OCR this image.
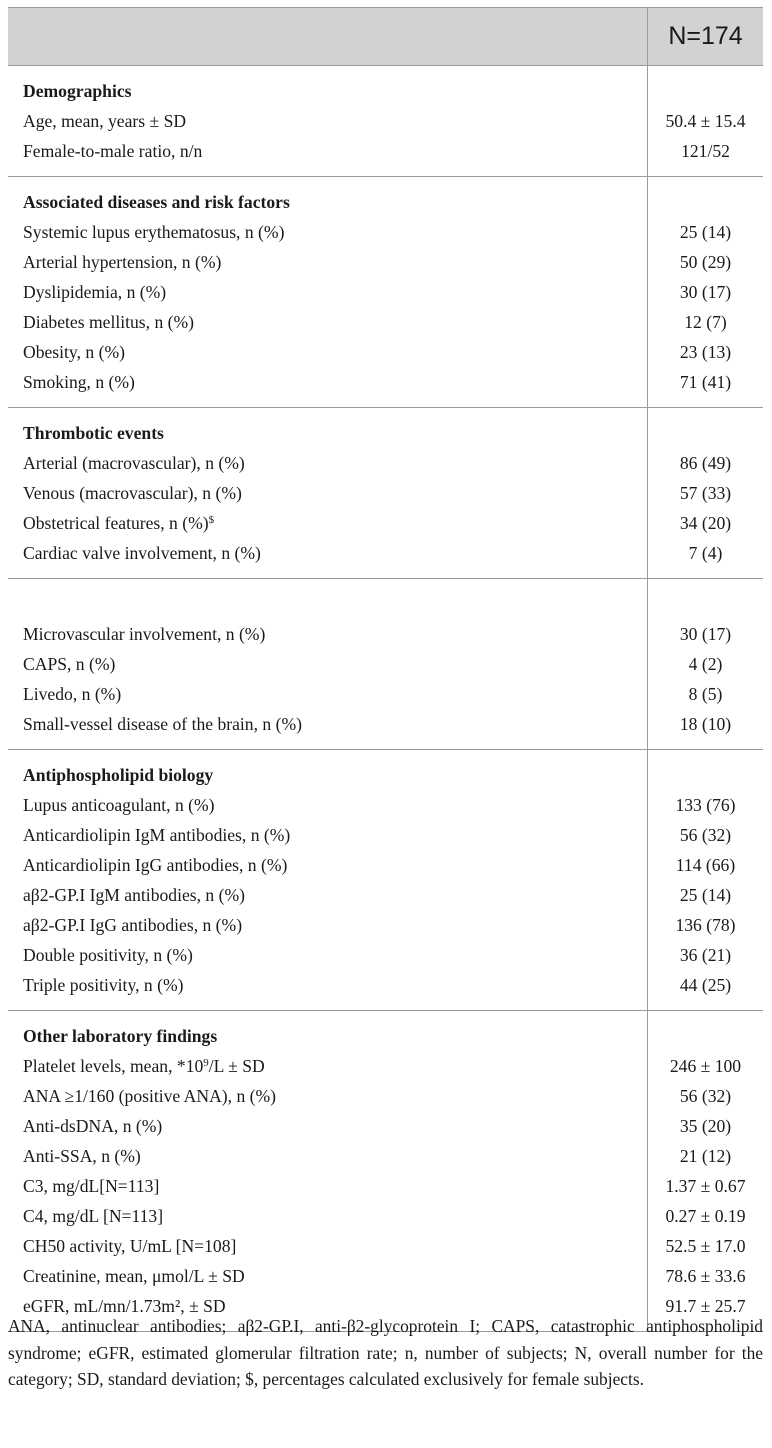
	N=174
Demographics	
Age, mean, years ± SD	50.4 ± 15.4
Female-to-male ratio, n/n	121/52
Associated diseases and risk factors	
Systemic lupus erythematosus, n (%)	25 (14)
Arterial hypertension, n (%)	50 (29)
Dyslipidemia, n (%)	30 (17)
Diabetes mellitus, n (%)	12 (7)
Obesity, n (%)	23 (13)
Smoking, n (%)	71 (41)
Thrombotic events	
Arterial (macrovascular), n (%)	86 (49)
Venous (macrovascular), n (%)	57 (33)
Obstetrical features, n (%)$	34 (20)
Cardiac valve involvement, n (%)	7 (4)

Microvascular involvement, n (%)	30 (17)
CAPS, n (%)	4 (2)
Livedo, n (%)	8 (5)
Small-vessel disease of the brain, n (%)	18 (10)
Antiphospholipid biology	
Lupus anticoagulant, n (%)	133 (76)
Anticardiolipin IgM antibodies, n (%)	56 (32)
Anticardiolipin IgG antibodies, n (%)	114 (66)
aβ2-GP.I IgM antibodies, n (%)	25 (14)
aβ2-GP.I IgG antibodies, n (%)	136 (78)
Double positivity, n (%)	36 (21)
Triple positivity, n (%)	44 (25)
Other laboratory findings	
Platelet levels, mean, $*10^9/L$ ± SD	246 ± 100
ANA ≥1/160 (positive ANA), n (%)	56 (32)
Anti-dsDNA, n (%)	35 (20)
Anti-SSA, n (%)	21 (12)
C3, mg/dL[N=113]	1.37 ± 0.67
C4, mg/dL [N=113]	0.27 ± 0.19
CH50 activity, U/mL [N=108]	52.5 ± 17.0
Creatinine, mean, μmol/L ± SD	78.6 ± 33.6
eGFR, mL/mn/1.73m², ± SD	91.7 ± 25.7
ANA, antinuclear antibodies; aβ2-GP.I, anti-β2-glycoprotein I; CAPS, catastrophic antiphospholipid syndrome; eGFR, estimated glomerular filtration rate; n, number of subjects; N, overall number for the category; SD, standard deviation; $, percentages calculated exclusively for female subjects.
